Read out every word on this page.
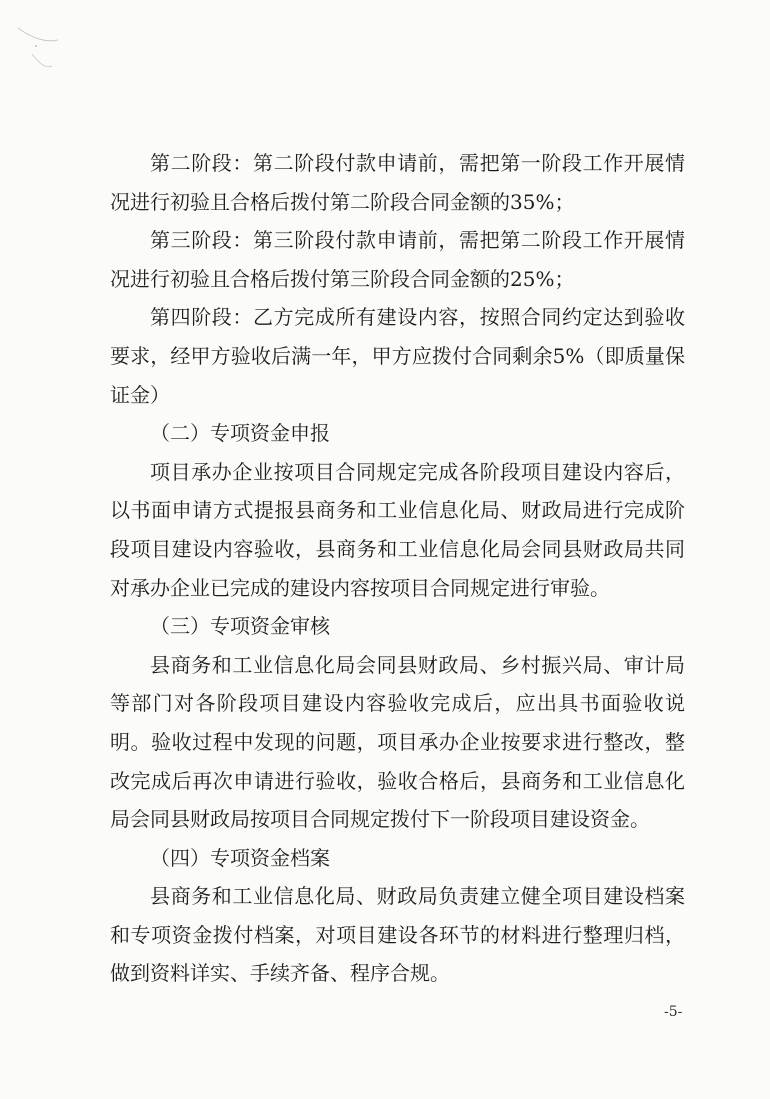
第二阶段：第二阶段付款申请前，需把第一阶段工作开展情况进行初验且合格后拨付第二阶段合同金额的35%；

第三阶段：第三阶段付款申请前，需把第二阶段工作开展情况进行初验且合格后拨付第三阶段合同金额的25%；

第四阶段：乙方完成所有建设内容，按照合同约定达到验收要求，经甲方验收后满一年，甲方应拨付合同剩余5%（即质量保证金）

（二）专项资金申报

项目承办企业按项目合同规定完成各阶段项目建设内容后，以书面申请方式提报县商务和工业信息化局、财政局进行完成阶段项目建设内容验收，县商务和工业信息化局会同县财政局共同对承办企业已完成的建设内容按项目合同规定进行审验。

（三）专项资金审核

县商务和工业信息化局会同县财政局、乡村振兴局、审计局等部门对各阶段项目建设内容验收完成后，应出具书面验收说明。验收过程中发现的问题，项目承办企业按要求进行整改，整改完成后再次申请进行验收，验收合格后，县商务和工业信息化局会同县财政局按项目合同规定拨付下一阶段项目建设资金。

（四）专项资金档案

县商务和工业信息化局、财政局负责建立健全项目建设档案和专项资金拨付档案，对项目建设各环节的材料进行整理归档，做到资料详实、手续齐备、程序合规。

-5-
